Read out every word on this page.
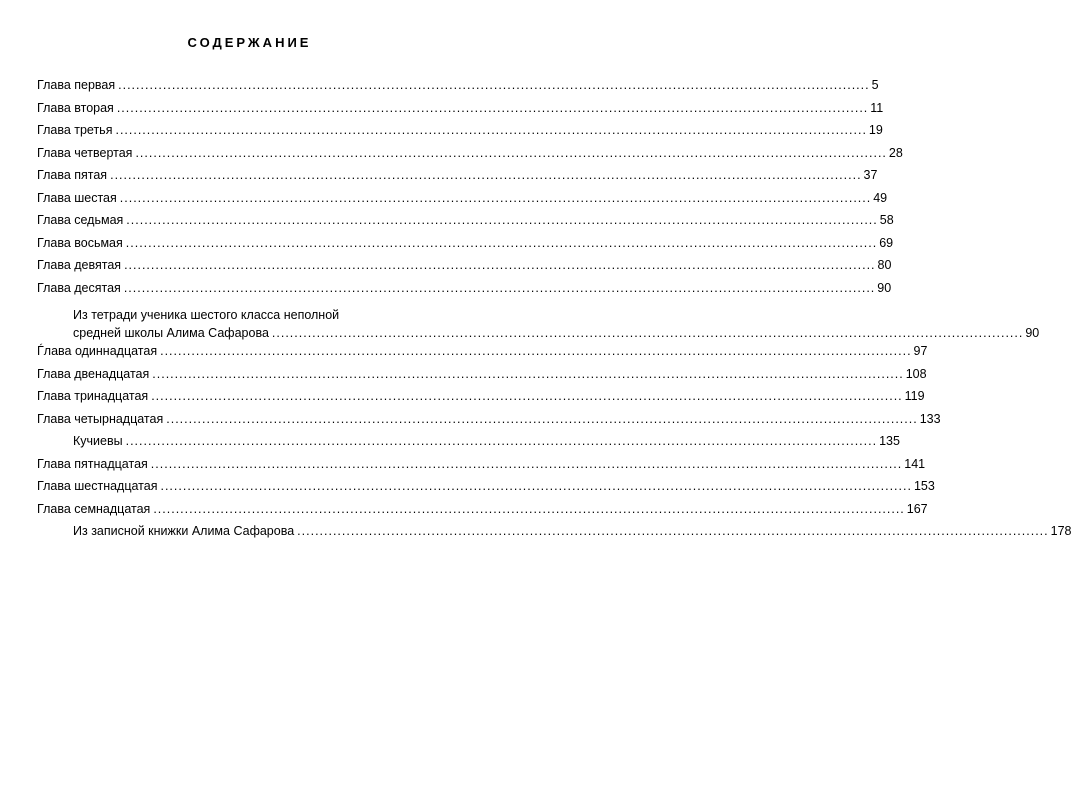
СОДЕРЖАНИЕ
Глава первая .....	5
Глава вторая .....	11
Глава третья .....	19
Глава четвертая .....	28
Глава пятая .....	37
Глава шестая .....	49
Глава седьмая .....	58
Глава восьмая .....	69
Глава девятая .....	80
Глава десятая .....	90
Из тетради ученика шестого класса неполной
средней школы Алима Сафарова .....	90
Ѓлава одиннадцатая .....	97
Глава двенадцатая .....	108
Глава тринадцатая .....	119
Глава четырнадцатая .....	133
Кучиевы .....	135
Глава пятнадцатая .....	141
Глава шестнадцатая .....	153
Глава семнадцатая .....	167
Из записной книжки Алима Сафарова .....	178
